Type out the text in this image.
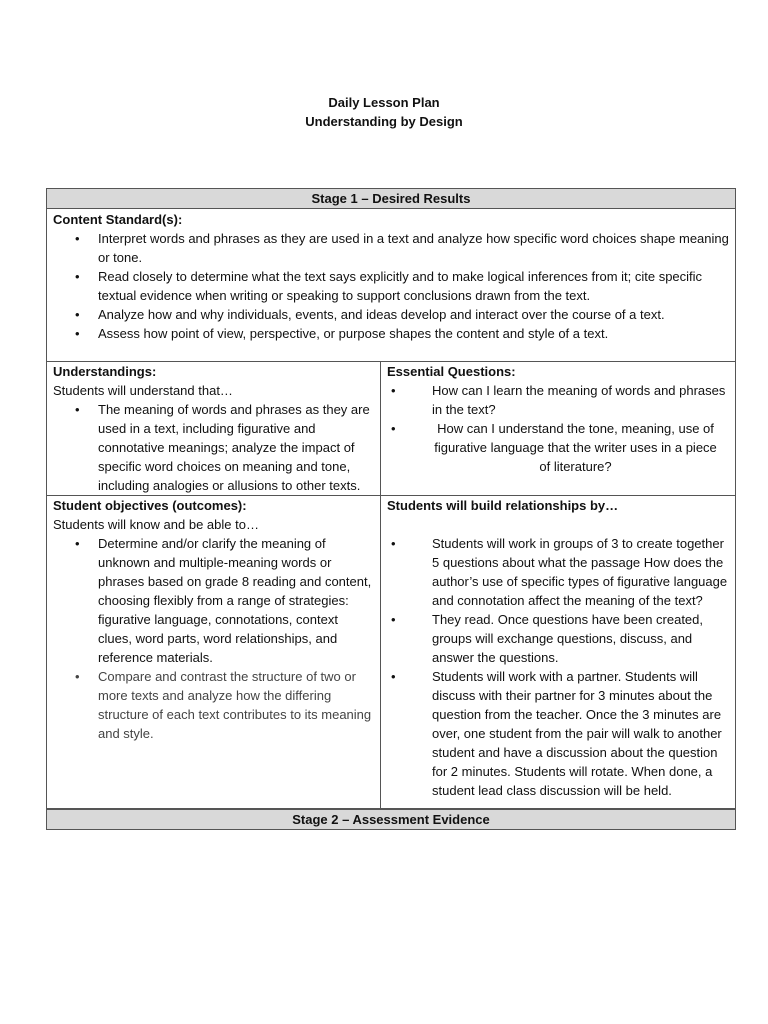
Daily Lesson Plan
Understanding by Design
Stage 1 – Desired Results
Content Standard(s):
• Interpret words and phrases as they are used in a text and analyze how specific word choices shape meaning or tone.
• Read closely to determine what the text says explicitly and to make logical inferences from it; cite specific textual evidence when writing or speaking to support conclusions drawn from the text.
• Analyze how and why individuals, events, and ideas develop and interact over the course of a text.
• Assess how point of view, perspective, or purpose shapes the content and style of a text.
Understandings:
Students will understand that…
• The meaning of words and phrases as they are used in a text, including figurative and connotative meanings; analyze the impact of specific word choices on meaning and tone, including analogies or allusions to other texts.
Essential Questions:
• How can I learn the meaning of words and phrases in the text?
• How can I understand the tone, meaning, use of figurative language that the writer uses in a piece of literature?
Student objectives (outcomes):
Students will know and be able to…
• Determine and/or clarify the meaning of unknown and multiple-meaning words or phrases based on grade 8 reading and content, choosing flexibly from a range of strategies: figurative language, connotations, context clues, word parts, word relationships, and reference materials.
• Compare and contrast the structure of two or more texts and analyze how the differing structure of each text contributes to its meaning and style.
Students will build relationships by…
• Students will work in groups of 3 to create together 5 questions about what the passage How does the author’s use of specific types of figurative language and connotation affect the meaning of the text?
• They read. Once questions have been created, groups will exchange questions, discuss, and answer the questions.
• Students will work with a partner. Students will discuss with their partner for 3 minutes about the question from the teacher. Once the 3 minutes are over, one student from the pair will walk to another student and have a discussion about the question for 2 minutes. Students will rotate. When done, a student lead class discussion will be held.
Stage 2 – Assessment Evidence
